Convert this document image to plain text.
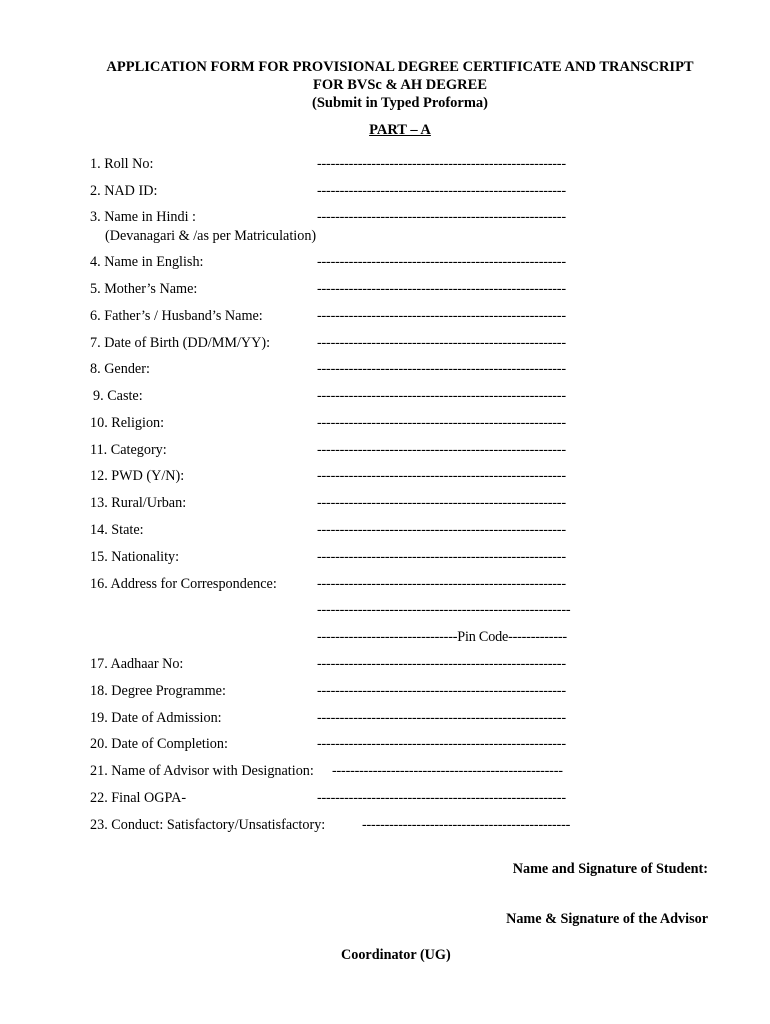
APPLICATION FORM FOR PROVISIONAL DEGREE CERTIFICATE AND TRANSCRIPT

FOR BVSc & AH DEGREE

(Submit in Typed Proforma)

PART – A
1. Roll No:	-------------------------------------------------------
2. NAD ID:	-------------------------------------------------------
3. Name in Hindi :
(Devanagari & /as per Matriculation)
-------------------------------------------------------
4. Name in English:	-------------------------------------------------------
5. Mother’s Name:	-------------------------------------------------------
6. Father’s / Husband’s Name:	-------------------------------------------------------
7. Date of Birth (DD/MM/YY):	-------------------------------------------------------
8. Gender:	-------------------------------------------------------
9. Caste:	-------------------------------------------------------
10. Religion:	-------------------------------------------------------
11. Category:	-------------------------------------------------------
12. PWD (Y/N):	-------------------------------------------------------
13. Rural/Urban:	-------------------------------------------------------
14. State:	-------------------------------------------------------
15. Nationality:	-------------------------------------------------------
16. Address for Correspondence:	-------------------------------------------------------
--------------------------------------------------------
-------------------------------Pin Code-------------
17. Aadhaar No:	-------------------------------------------------------
18. Degree Programme:	-------------------------------------------------------
19. Date of Admission:	-------------------------------------------------------
20. Date of Completion:	-------------------------------------------------------
21. Name of Advisor with Designation: ---------------------------------------------------
22. Final OGPA-	-------------------------------------------------------
23. Conduct: Satisfactory/Unsatisfactory:	----------------------------------------------
Name and Signature of Student:
Name & Signature of the Advisor
Coordinator (UG)
